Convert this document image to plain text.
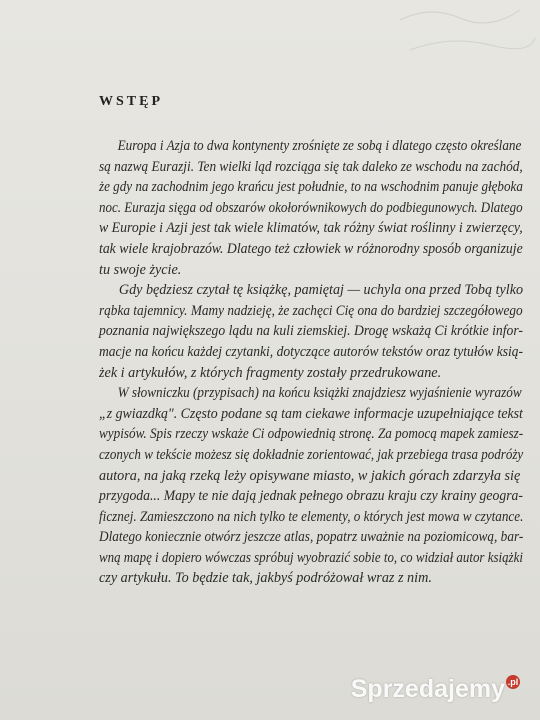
WSTĘP
Europa i Azja to dwa kontynenty zrośnięte ze sobą i dlatego często określane
są nazwą Eurazji. Ten wielki ląd rozciąga się tak daleko ze wschodu na zachód,
że gdy na zachodnim jego krańcu jest południe, to na wschodnim panuje głęboka
noc. Eurazja sięga od obszarów okołorównikowych do podbiegunowych. Dlatego
w Europie i Azji jest tak wiele klimatów, tak różny świat roślinny i zwierzęcy,
tak wiele krajobrazów. Dlatego też człowiek w różnorodny sposób organizuje
tu swoje życie.
Gdy będziesz czytał tę książkę, pamiętaj — uchyla ona przed Tobą tylko
rąbka tajemnicy. Mamy nadzieję, że zachęci Cię ona do bardziej szczegółowego
poznania największego lądu na kuli ziemskiej. Drogę wskażą Ci krótkie infor-
macje na końcu każdej czytanki, dotyczące autorów tekstów oraz tytułów ksią-
żek i artykułów, z których fragmenty zostały przedrukowane.
W słowniczku (przypisach) na końcu książki znajdziesz wyjaśnienie wyrazów
„z gwiazdką". Często podane są tam ciekawe informacje uzupełniające tekst
wypisów. Spis rzeczy wskaże Ci odpowiednią stronę. Za pomocą mapek zamiesz-
czonych w tekście możesz się dokładnie zorientować, jak przebiega trasa podróży
autora, na jaką rzeką leży opisywane miasto, w jakich górach zdarzyła się
przygoda... Mapy te nie dają jednak pełnego obrazu kraju czy krainy geogra-
ficznej. Zamieszczono na nich tylko te elementy, o których jest mowa w czytance.
Dlatego koniecznie otwórz jeszcze atlas, popatrz uważnie na poziomicową, bar-
wną mapę i dopiero wówczas spróbuj wyobrazić sobie to, co widział autor książki
czy artykułu. To będzie tak, jakbyś podróżował wraz z nim.
Sprzedajemy .pl
